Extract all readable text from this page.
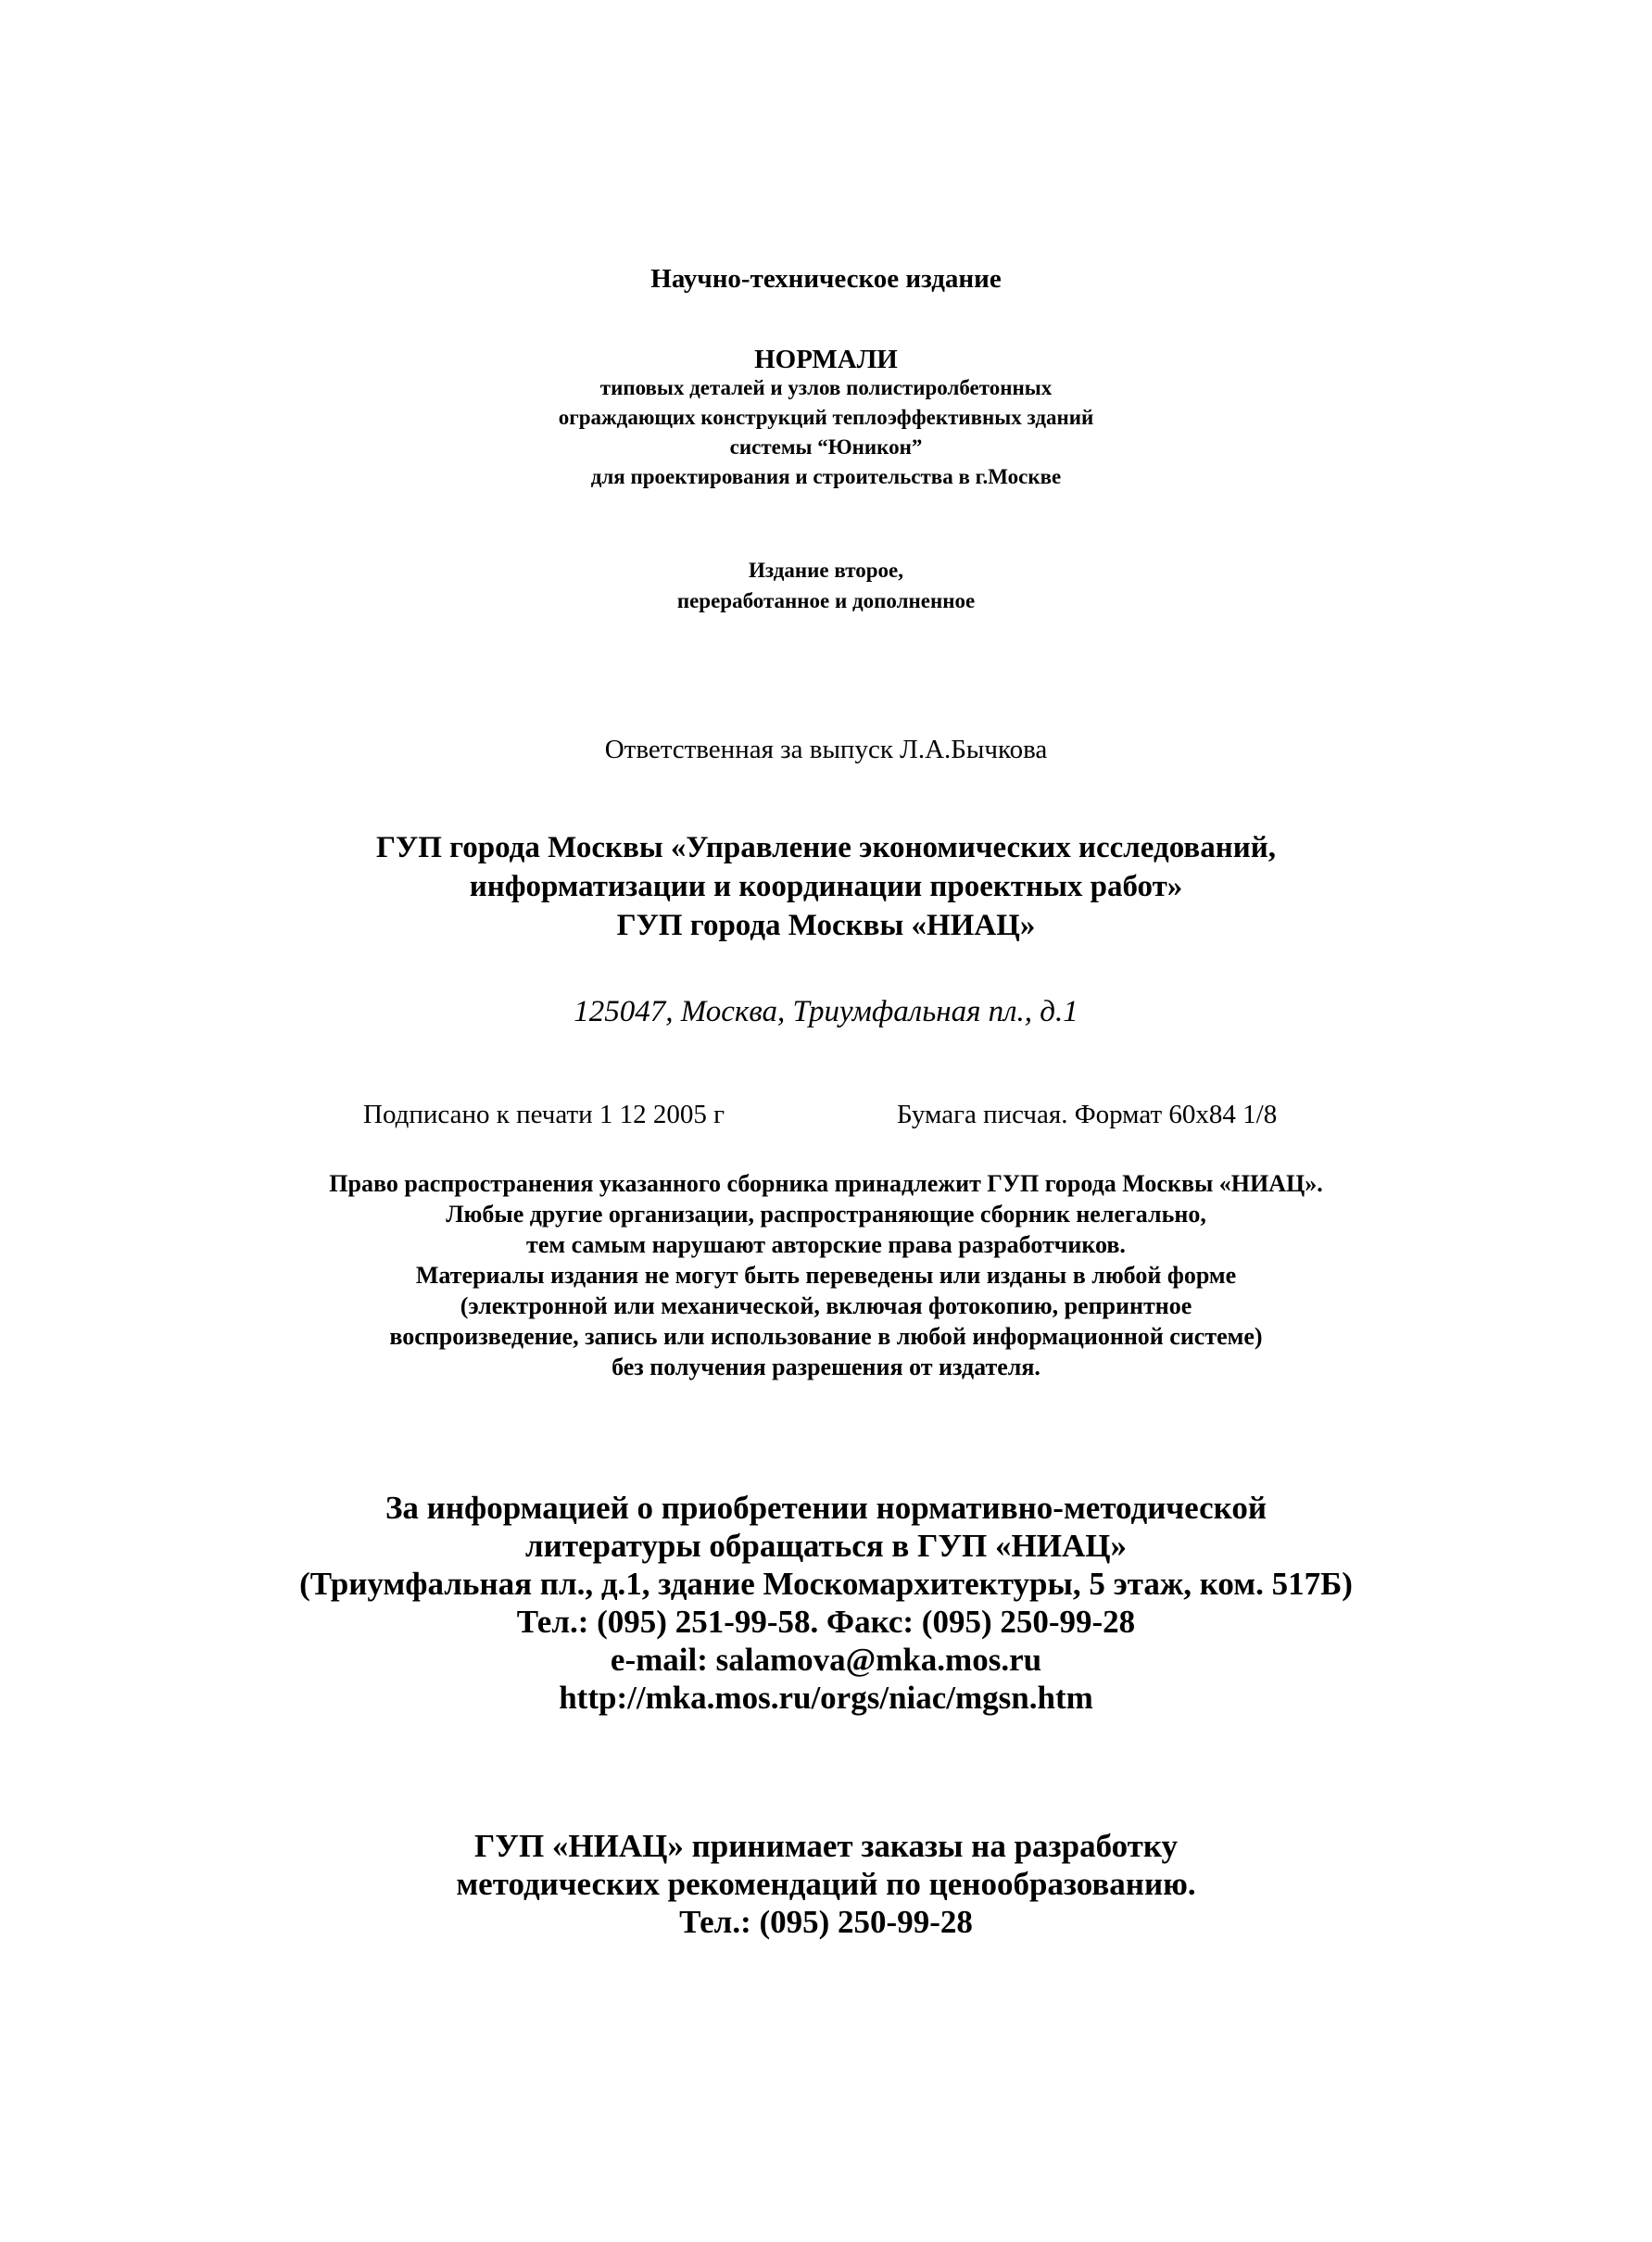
Научно-техническое издание
НОРМАЛИ
типовых деталей и узлов полистиролбетонных
ограждающих конструкций теплоэффективных зданий
системы “Юникон”
для проектирования и строительства в г.Москве
Издание второе,
переработанное и дополненное
Ответственная за выпуск Л.А.Бычкова
ГУП города Москвы «Управление экономических исследований,
информатизации и координации проектных работ»
ГУП города Москвы «НИАЦ»
125047, Москва, Триумфальная пл., д.1
Подписано к печати 1 12 2005 г	Бумага писчая. Формат 60х84 1/8
Право распространения указанного сборника принадлежит ГУП города Москвы «НИАЦ».
Любые другие организации, распространяющие сборник нелегально,
тем самым нарушают авторские права разработчиков.
Материалы издания не могут быть переведены или изданы в любой форме
(электронной или механической, включая фотокопию, репринтное
воспроизведение, запись или использование в любой информационной системе)
без получения разрешения от издателя.
За информацией о приобретении нормативно-методической
литературы обращаться в ГУП «НИАЦ»
(Триумфальная пл., д.1, здание Москомархитектуры, 5 этаж, ком. 517Б)
Тел.: (095) 251-99-58. Факс: (095) 250-99-28
e-mail: salamova@mka.mos.ru
http://mka.mos.ru/orgs/niac/mgsn.htm
ГУП «НИАЦ» принимает заказы на разработку
методических рекомендаций по ценообразованию.
Тел.: (095) 250-99-28
